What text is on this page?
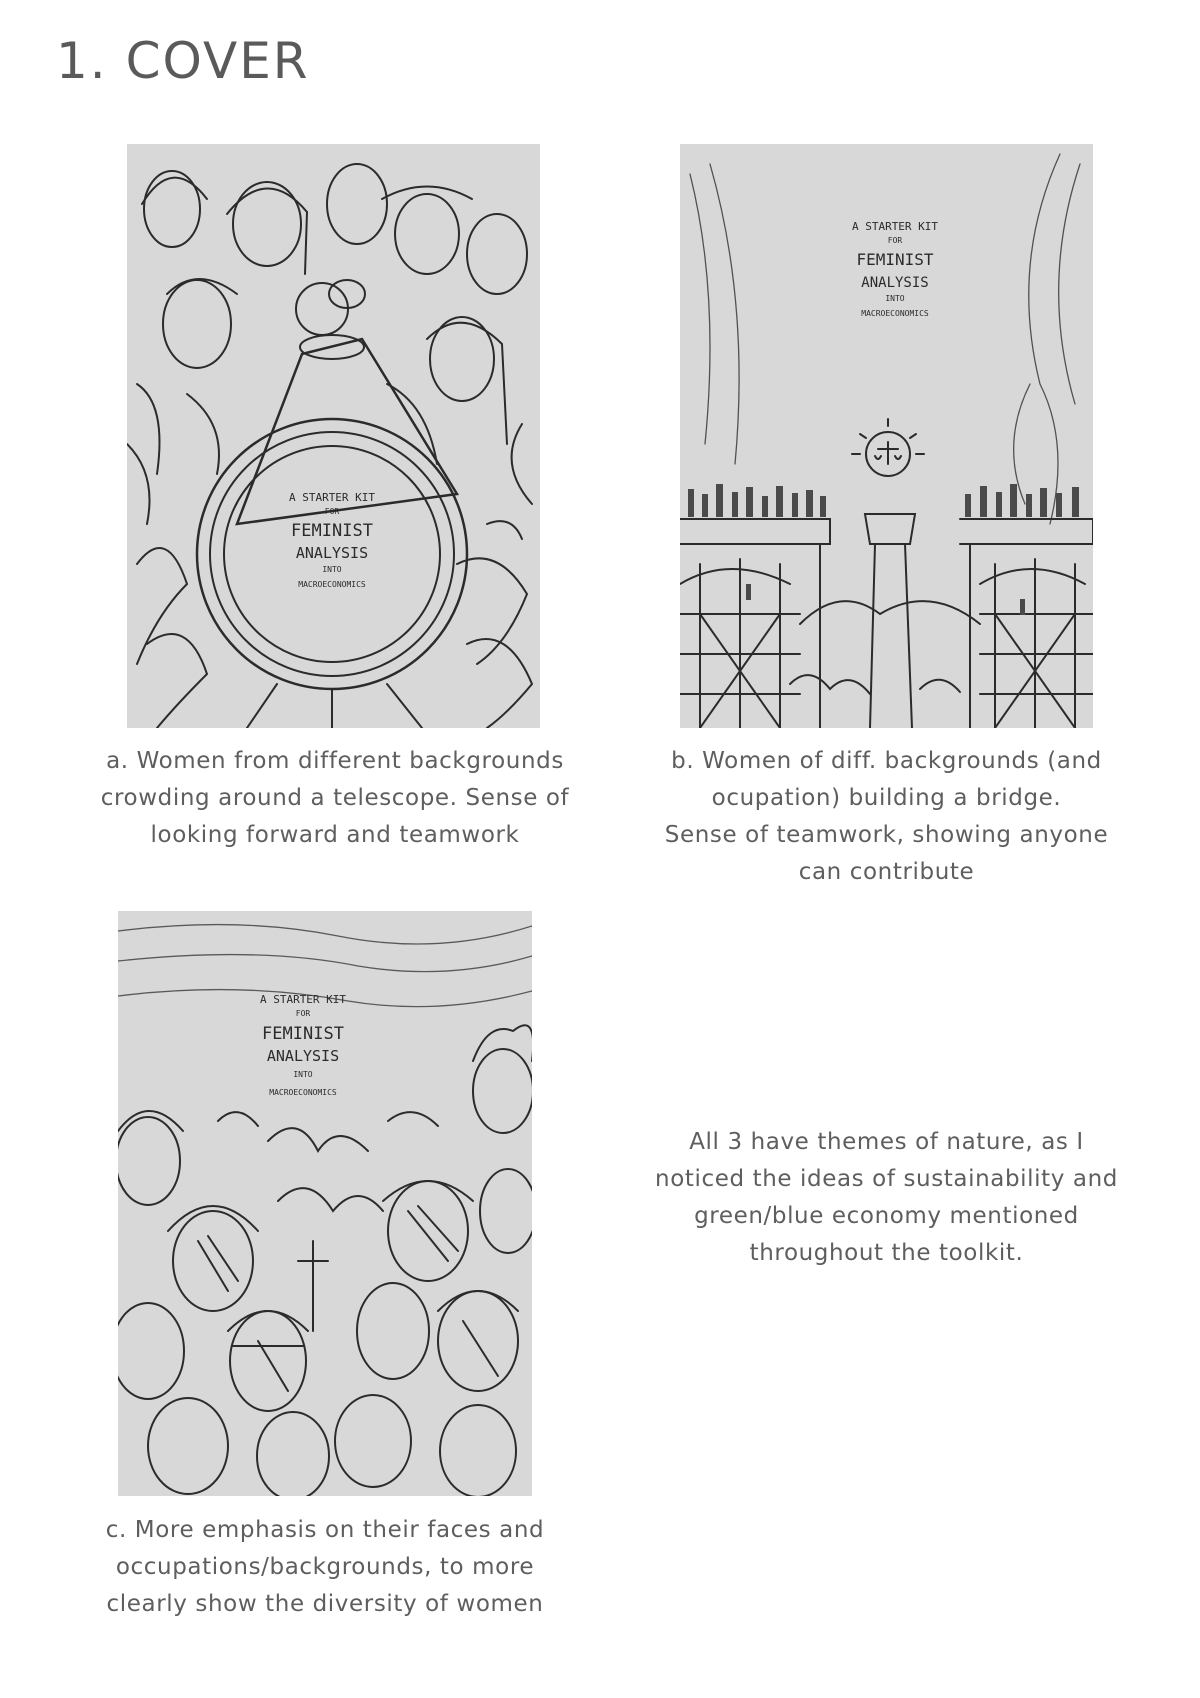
1. COVER
A STARTER KIT
FOR
FEMINIST
ANALYSIS
INTO
MACROECONOMICS

a. Women from different backgrounds
crowding around a telescope. Sense of
looking forward and teamwork

A STARTER KIT
FOR
FEMINIST
ANALYSIS
INTO
MACROECONOMICS

b. Women of diff. backgrounds (and
ocupation) building a bridge.
Sense of teamwork, showing anyone
can contribute

A STARTER KIT
FOR
FEMINIST
ANALYSIS
INTO
MACROECONOMICS

c. More emphasis on their faces and
occupations/backgrounds, to more
clearly show the diversity of women

All 3 have themes of nature, as I
noticed the ideas of sustainability and
green/blue economy mentioned
throughout the toolkit.
